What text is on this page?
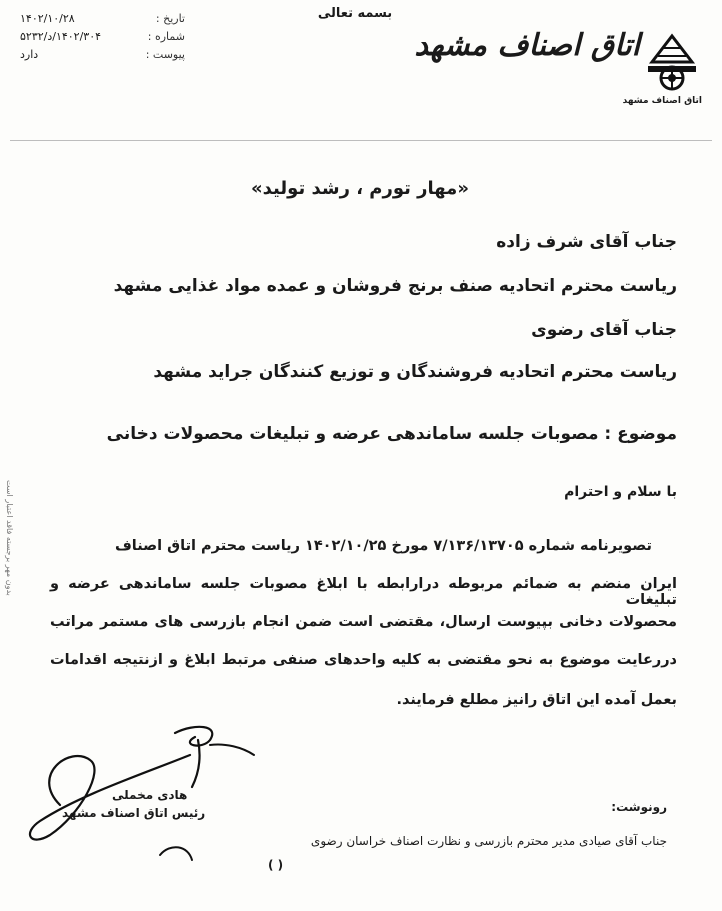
بسمه تعالی
تاریخ :
۱۴۰۲/۱۰/۲۸
شماره :
۱۴۰۲/۳۰۴/د/۵۲۳۲
پیوست :
دارد	اتاق اصناف مشهد
اتاق اصناف مشهد
«مهار تورم ، رشد تولید»
جناب آقای شرف زاده
ریاست محترم اتحادیه صنف برنج فروشان و عمده مواد غذایی مشهد
جناب آقای رضوی
ریاست محترم اتحادیه فروشندگان و توزیع کنندگان جراید مشهد
موضوع : مصوبات جلسه ساماندهی عرضه و تبلیغات محصولات دخانی
با سلام و احترام
تصویرنامه شماره ۷/۱۳۶/۱۳۷۰۵ مورخ ۱۴۰۲/۱۰/۲۵ ریاست محترم اتاق اصناف
ایران منضم به ضمائم مربوطه درارابطه با ابلاغ مصوبات جلسه ساماندهی عرضه و تبلیغات
محصولات دخانی بپیوست ارسال، مقتضی است ضمن انجام بازرسی های مستمر مراتب
دررعایت موضوع به نحو مقتضی به کلیه واحدهای صنفی مرتبط ابلاغ و ازنتیجه اقدامات
بعمل آمده این اتاق رانیز مطلع فرمایند.
بدون مهر برجسته فاقد اعتبار است
هادی مخملی
رئیس اتاق اصناف مشهد	رونوشت:
جناب آقای صیادی مدیر محترم بازرسی و نظارت اصناف خراسان رضوی
( )
